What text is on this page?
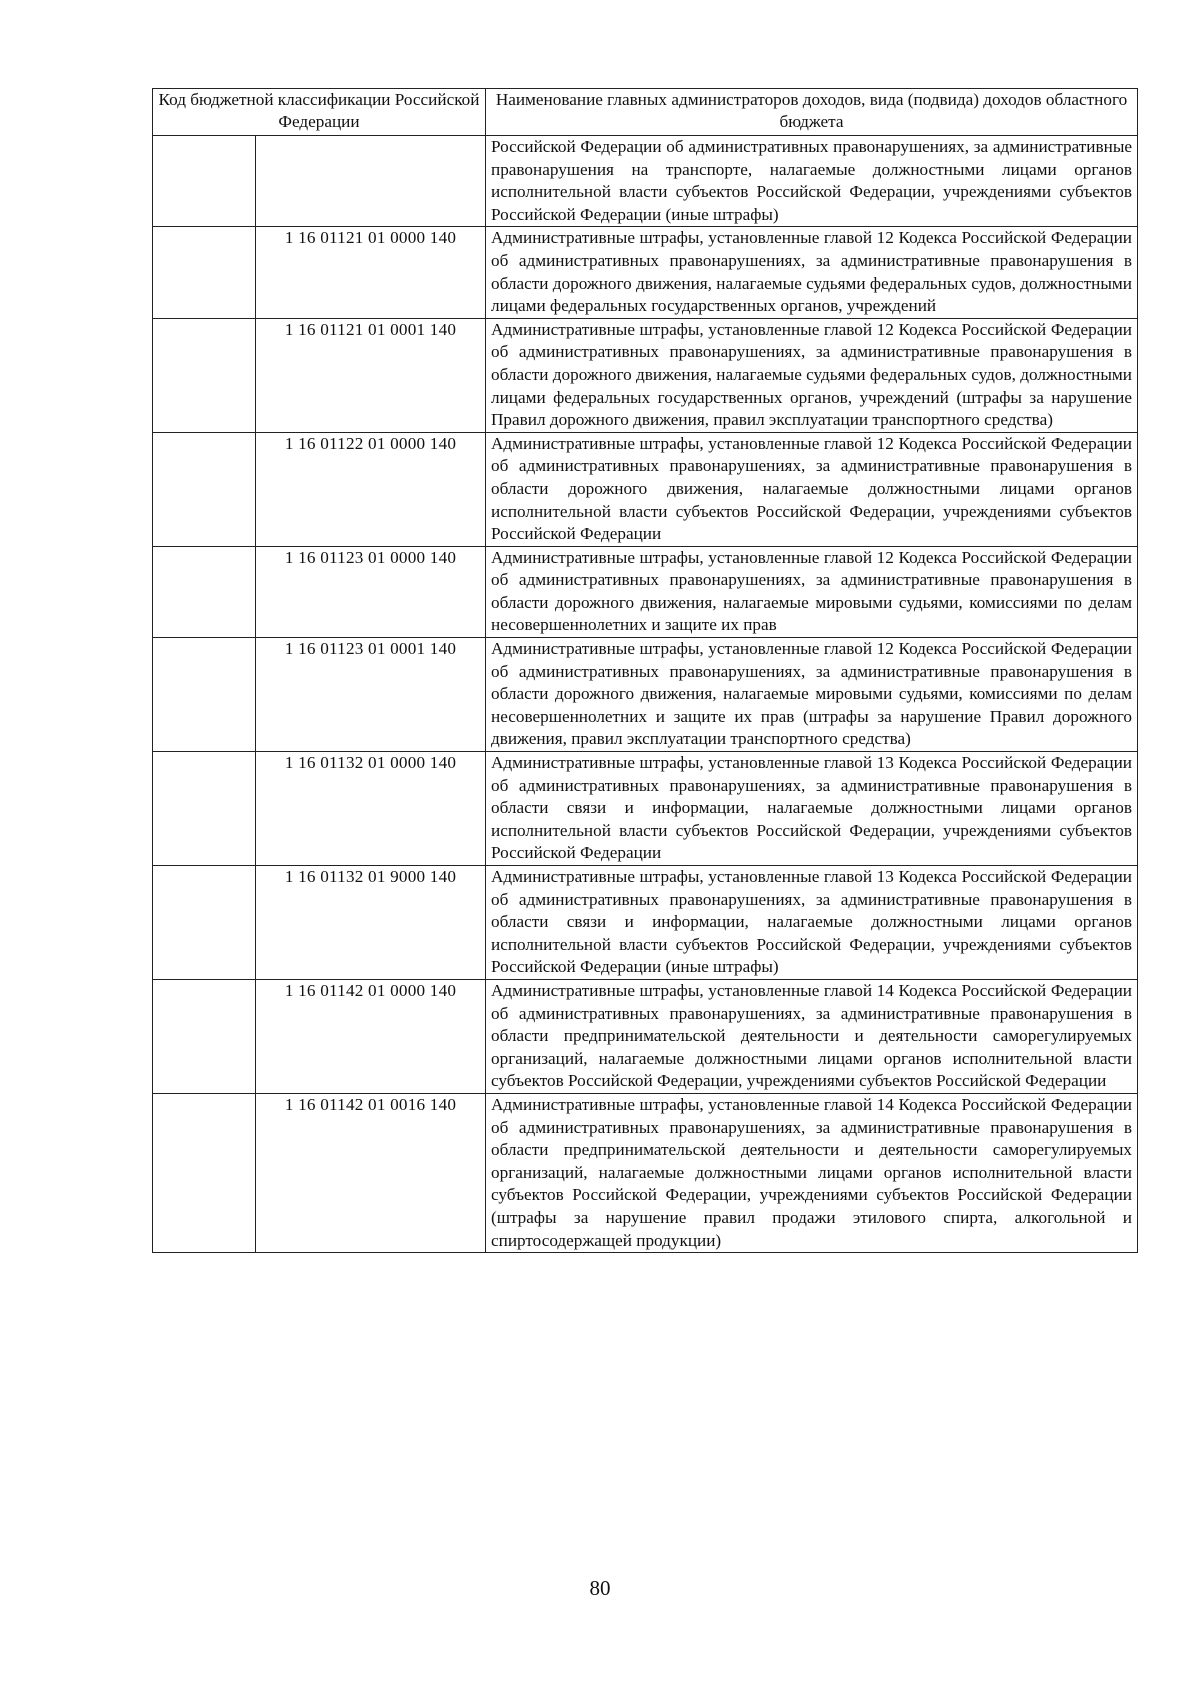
Код бюджетной классификации Российской Федерации		Наименование главных администраторов доходов, вида (подвида) доходов областного бюджета
		Российской Федерации об административных правонарушениях, за административные правонарушения на транспорте, налагаемые должностными лицами органов исполнительной власти субъектов Российской Федерации, учреждениями субъектов Российской Федерации (иные штрафы)
	1 16 01121 01 0000 140	Административные штрафы, установленные главой 12 Кодекса Российской Федерации об административных правонарушениях, за административные правонарушения в области дорожного движения, налагаемые судьями федеральных судов, должностными лицами федеральных государственных органов, учреждений
	1 16 01121 01 0001 140	Административные штрафы, установленные главой 12 Кодекса Российской Федерации об административных правонарушениях, за административные правонарушения в области дорожного движения, налагаемые судьями федеральных судов, должностными лицами федеральных государственных органов, учреждений (штрафы за нарушение Правил дорожного движения, правил эксплуатации транспортного средства)
	1 16 01122 01 0000 140	Административные штрафы, установленные главой 12 Кодекса Российской Федерации об административных правонарушениях, за административные правонарушения в области дорожного движения, налагаемые должностными лицами органов исполнительной власти субъектов Российской Федерации, учреждениями субъектов Российской Федерации
	1 16 01123 01 0000 140	Административные штрафы, установленные главой 12 Кодекса Российской Федерации об административных правонарушениях, за административные правонарушения в области дорожного движения, налагаемые мировыми судьями, комиссиями по делам несовершеннолетних и защите их прав
	1 16 01123 01 0001 140	Административные штрафы, установленные главой 12 Кодекса Российской Федерации об административных правонарушениях, за административные правонарушения в области дорожного движения, налагаемые мировыми судьями, комиссиями по делам несовершеннолетних и защите их прав (штрафы за нарушение Правил дорожного движения, правил эксплуатации транспортного средства)
	1 16 01132 01 0000 140	Административные штрафы, установленные главой 13 Кодекса Российской Федерации об административных правонарушениях, за административные правонарушения в области связи и информации, налагаемые должностными лицами органов исполнительной власти субъектов Российской Федерации, учреждениями субъектов Российской Федерации
	1 16 01132 01 9000 140	Административные штрафы, установленные главой 13 Кодекса Российской Федерации об административных правонарушениях, за административные правонарушения в области связи и информации, налагаемые должностными лицами органов исполнительной власти субъектов Российской Федерации, учреждениями субъектов Российской Федерации (иные штрафы)
	1 16 01142 01 0000 140	Административные штрафы, установленные главой 14 Кодекса Российской Федерации об административных правонарушениях, за административные правонарушения в области предпринимательской деятельности и деятельности саморегулируемых организаций, налагаемые должностными лицами органов исполнительной власти субъектов Российской Федерации, учреждениями субъектов Российской Федерации
	1 16 01142 01 0016 140	Административные штрафы, установленные главой 14 Кодекса Российской Федерации об административных правонарушениях, за административные правонарушения в области предпринимательской деятельности и деятельности саморегулируемых организаций, налагаемые должностными лицами органов исполнительной власти субъектов Российской Федерации, учреждениями субъектов Российской Федерации (штрафы за нарушение правил продажи этилового спирта, алкогольной и спиртосодержащей продукции)
80
